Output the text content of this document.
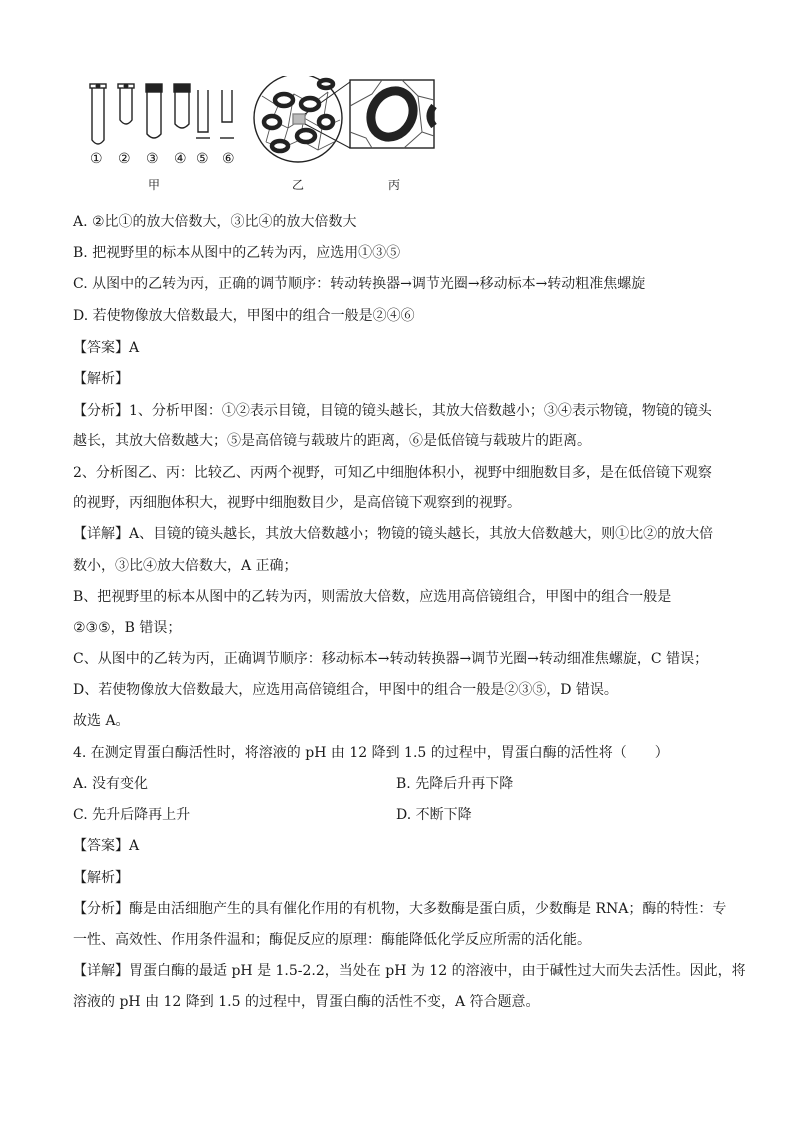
① ② ③ ④ ⑤ ⑥
甲	乙	丙
A. ②比①的放大倍数大，③比④的放大倍数大
B. 把视野里的标本从图中的乙转为丙，应选用①③⑤
C. 从图中的乙转为丙，正确的调节顺序：转动转换器→调节光圈→移动标本→转动粗准焦螺旋
D. 若使物像放大倍数最大，甲图中的组合一般是②④⑥
【答案】A
【解析】
【分析】1、分析甲图：①②表示目镜，目镜的镜头越长，其放大倍数越小；③④表示物镜，物镜的镜头
越长，其放大倍数越大；⑤是高倍镜与载玻片的距离，⑥是低倍镜与载玻片的距离。
2、分析图乙、丙：比较乙、丙两个视野，可知乙中细胞体积小，视野中细胞数目多，是在低倍镜下观察
的视野，丙细胞体积大，视野中细胞数目少，是高倍镜下观察到的视野。
【详解】A、目镜的镜头越长，其放大倍数越小；物镜的镜头越长，其放大倍数越大，则①比②的放大倍
数小，③比④放大倍数大，A 正确；
B、把视野里的标本从图中的乙转为丙，则需放大倍数，应选用高倍镜组合，甲图中的组合一般是
②③⑤，B 错误；
C、从图中的乙转为丙，正确调节顺序：移动标本→转动转换器→调节光圈→转动细准焦螺旋，C 错误；
D、若使物像放大倍数最大，应选用高倍镜组合，甲图中的组合一般是②③⑤，D 错误。
故选 A。
4. 在测定胃蛋白酶活性时，将溶液的 pH 由 12 降到 1.5 的过程中，胃蛋白酶的活性将（　　）
A. 没有变化	B. 先降后升再下降
C. 先升后降再上升	D. 不断下降
【答案】A
【解析】
【分析】酶是由活细胞产生的具有催化作用的有机物，大多数酶是蛋白质，少数酶是 RNA；酶的特性：专
一性、高效性、作用条件温和；酶促反应的原理：酶能降低化学反应所需的活化能。
【详解】胃蛋白酶的最适 pH 是 1.5-2.2，当处在 pH 为 12 的溶液中，由于碱性过大而失去活性。因此，将
溶液的 pH 由 12 降到 1.5 的过程中，胃蛋白酶的活性不变，A 符合题意。
